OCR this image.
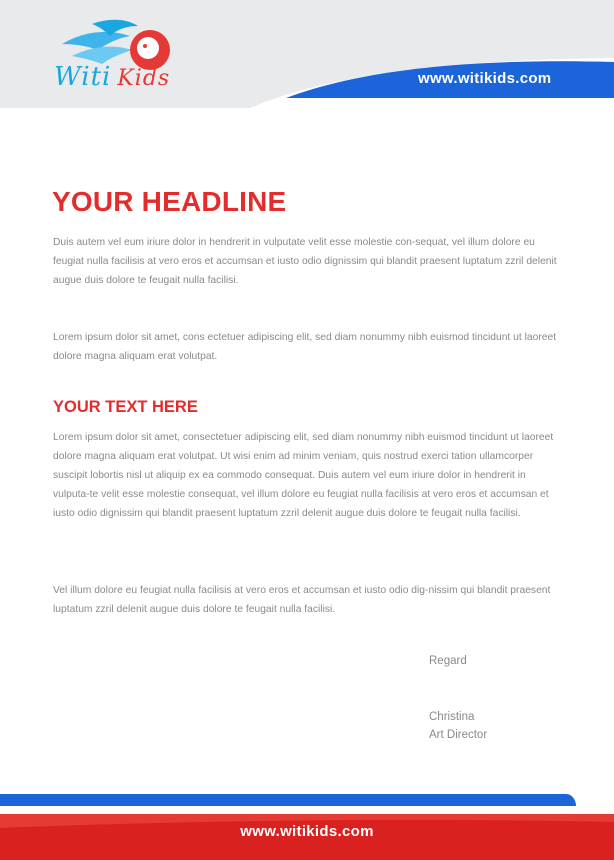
Witi Kids	www.witikids.com
YOUR HEADLINE

Duis autem vel eum iriure dolor in hendrerit in vulputate velit esse molestie con-sequat, vel illum dolore eu feugiat nulla facilisis at vero eros et accumsan et iusto odio dignissim qui blandit praesent luptatum zzril delenit augue duis dolore te feugait nulla facilisi.

Lorem ipsum dolor sit amet, cons ectetuer adipiscing elit, sed diam nonummy nibh euismod tincidunt ut laoreet dolore magna aliquam erat volutpat.

YOUR TEXT HERE

Lorem ipsum dolor sit amet, consectetuer adipiscing elit, sed diam nonummy nibh euismod tincidunt ut laoreet dolore magna aliquam erat volutpat. Ut wisi enim ad minim veniam, quis nostrud exerci tation ullamcorper suscipit lobortis nisl ut aliquip ex ea commodo consequat. Duis autem vel eum iriure dolor in hendrerit in vulputa-te velit esse molestie consequat, vel illum dolore eu feugiat nulla facilisis at vero eros et accumsan et iusto odio dignissim qui blandit praesent luptatum zzril delenit augue duis dolore te feugait nulla facilisi.

Vel illum dolore eu feugiat nulla facilisis at vero eros et accumsan et iusto odio dig-nissim qui blandit praesent luptatum zzril delenit augue duis dolore te feugait nulla facilisi.

Regard
Christina
Art Director
www.witikids.com
